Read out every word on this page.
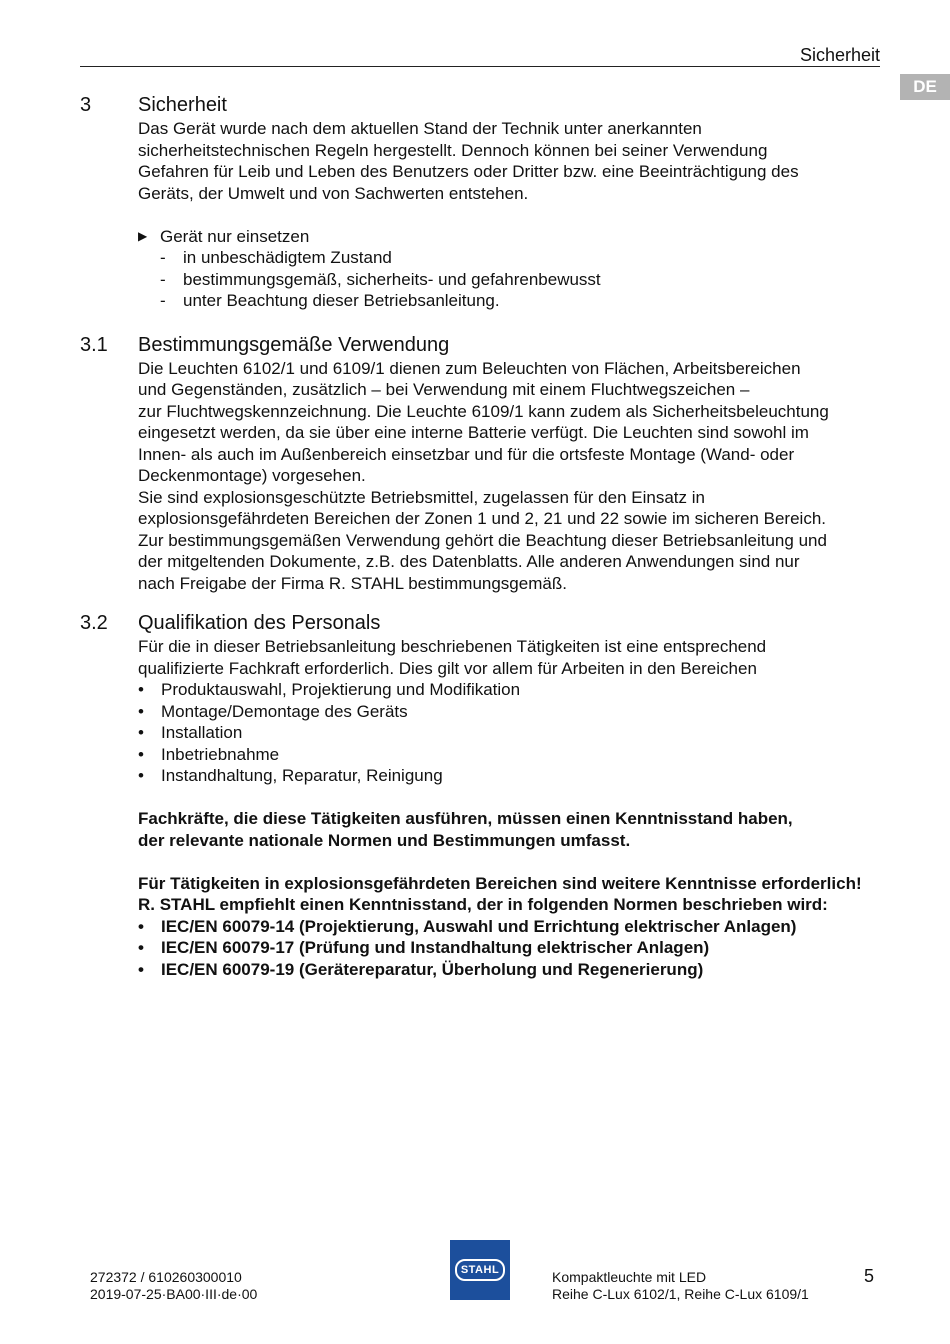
Sicherheit
DE
3	Sicherheit

Das Gerät wurde nach dem aktuellen Stand der Technik unter anerkannten

sicherheitstechnischen Regeln hergestellt. Dennoch können bei seiner Verwendung

Gefahren für Leib und Leben des Benutzers oder Dritter bzw. eine Beeinträchtigung des

Geräts, der Umwelt und von Sachwerten entstehen.

▶ Gerät nur einsetzen
-	in unbeschädigtem Zustand
-	bestimmungsgemäß, sicherheits- und gefahrenbewusst
-	unter Beachtung dieser Betriebsanleitung.
3.1	Bestimmungsgemäße Verwendung

Die Leuchten 6102/1 und 6109/1 dienen zum Beleuchten von Flächen, Arbeitsbereichen

und Gegenständen, zusätzlich – bei Verwendung mit einem Fluchtwegszeichen –

zur Fluchtwegskennzeichnung. Die Leuchte 6109/1 kann zudem als Sicherheitsbeleuchtung

eingesetzt werden, da sie über eine interne Batterie verfügt. Die Leuchten sind sowohl im

Innen- als auch im Außenbereich einsetzbar und für die ortsfeste Montage (Wand- oder

Deckenmontage) vorgesehen.

Sie sind explosionsgeschützte Betriebsmittel, zugelassen für den Einsatz in

explosionsgefährdeten Bereichen der Zonen 1 und 2, 21 und 22 sowie im sicheren Bereich.

Zur bestimmungsgemäßen Verwendung gehört die Beachtung dieser Betriebsanleitung und

der mitgeltenden Dokumente, z.B. des Datenblatts. Alle anderen Anwendungen sind nur

nach Freigabe der Firma R. STAHL bestimmungsgemäß.

3.2	Qualifikation des Personals

Für die in dieser Betriebsanleitung beschriebenen Tätigkeiten ist eine entsprechend

qualifizierte Fachkraft erforderlich. Dies gilt vor allem für Arbeiten in den Bereichen

•	Produktauswahl, Projektierung und Modifikation
•	Montage/Demontage des Geräts
•	Installation
•	Inbetriebnahme
•	Instandhaltung, Reparatur, Reinigung

Fachkräfte, die diese Tätigkeiten ausführen, müssen einen Kenntnisstand haben,

der relevante nationale Normen und Bestimmungen umfasst.

Für Tätigkeiten in explosionsgefährdeten Bereichen sind weitere Kenntnisse erforderlich!

R. STAHL empfiehlt einen Kenntnisstand, der in folgenden Normen beschrieben wird:

•	IEC/EN 60079-14 (Projektierung, Auswahl und Errichtung elektrischer Anlagen)
•	IEC/EN 60079-17 (Prüfung und Instandhaltung elektrischer Anlagen)
•	IEC/EN 60079-19 (Gerätereparatur, Überholung und Regenerierung)
272372 / 610260300010
2019-07-25·BA00·III·de·00
STAHL	Kompaktleuchte mit LED
Reihe C-Lux 6102/1, Reihe C-Lux 6109/1
5
